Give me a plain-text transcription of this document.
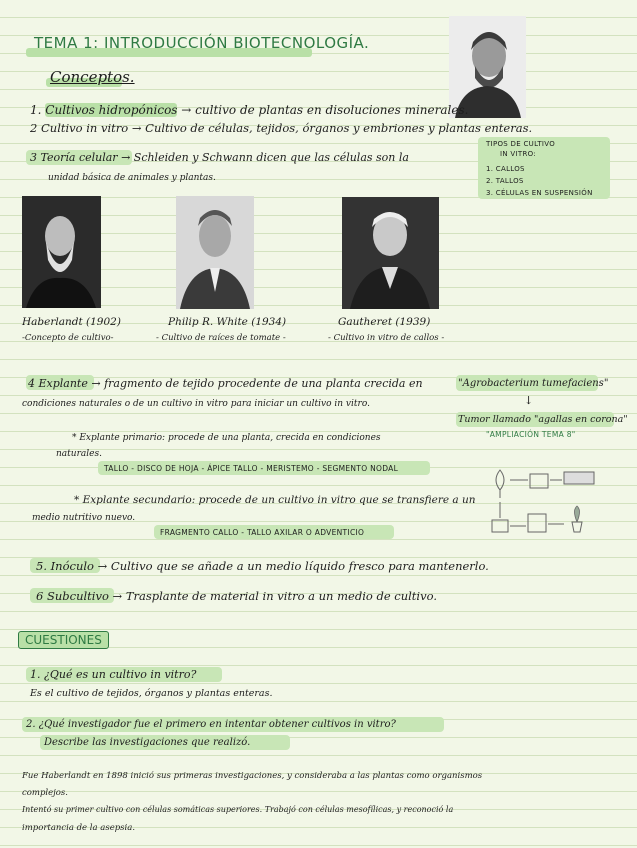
TEMA 1: INTRODUCCIÓN BIOTECNOLOGÍA.
Conceptos.
1. Cultivos hidropónicos → cultivo de plantas en disoluciones minerales.
2 Cultivo in vitro → Cultivo de células, tejidos, órganos y embriones y plantas enteras.
3 Teoría celular → Schleiden y Schwann dicen que las células son la
unidad básica de animales y plantas.
TIPOS DE CULTIVO
IN VITRO:
1. CALLOS
2. TALLOS
3. CÉLULAS EN SUSPENSIÓN
Haberlandt (1902)
-Concepto de cultivo-
Philip R. White (1934)
- Cultivo de raíces de tomate -
Gautheret (1939)
- Cultivo in vitro de callos -
4 Explante → fragmento de tejido procedente de una planta crecida en
condiciones naturales o de un cultivo in vitro para iniciar un cultivo in vitro.
* Explante primario: procede de una planta, crecida en condiciones
naturales.
TALLO - DISCO DE HOJA - ÁPICE TALLO - MERISTEMO - SEGMENTO NODAL
* Explante secundario: procede de un cultivo in vitro que se transfiere a un
medio nutritivo nuevo.
FRAGMENTO CALLO - TALLO AXILAR O ADVENTICIO
"Agrobacterium tumefaciens"
↓
Tumor llamado "agallas en corona"
"AMPLIACIÓN TEMA 8"
5. Inóculo → Cultivo que se añade a un medio líquido fresco para mantenerlo.
6 Subcultivo → Trasplante de material in vitro a un medio de cultivo.
CUESTIONES
1. ¿Qué es un cultivo in vitro?
Es el cultivo de tejidos, órganos y plantas enteras.
2. ¿Qué investigador fue el primero en intentar obtener cultivos in vitro?
Describe las investigaciones que realizó.
Fue Haberlandt en 1898 inició sus primeras investigaciones, y consideraba a las plantas como organismos
complejos.
Intentó su primer cultivo con células somáticas superiores. Trabajó con células mesofílicas, y reconoció la
importancia de la asepsia.
